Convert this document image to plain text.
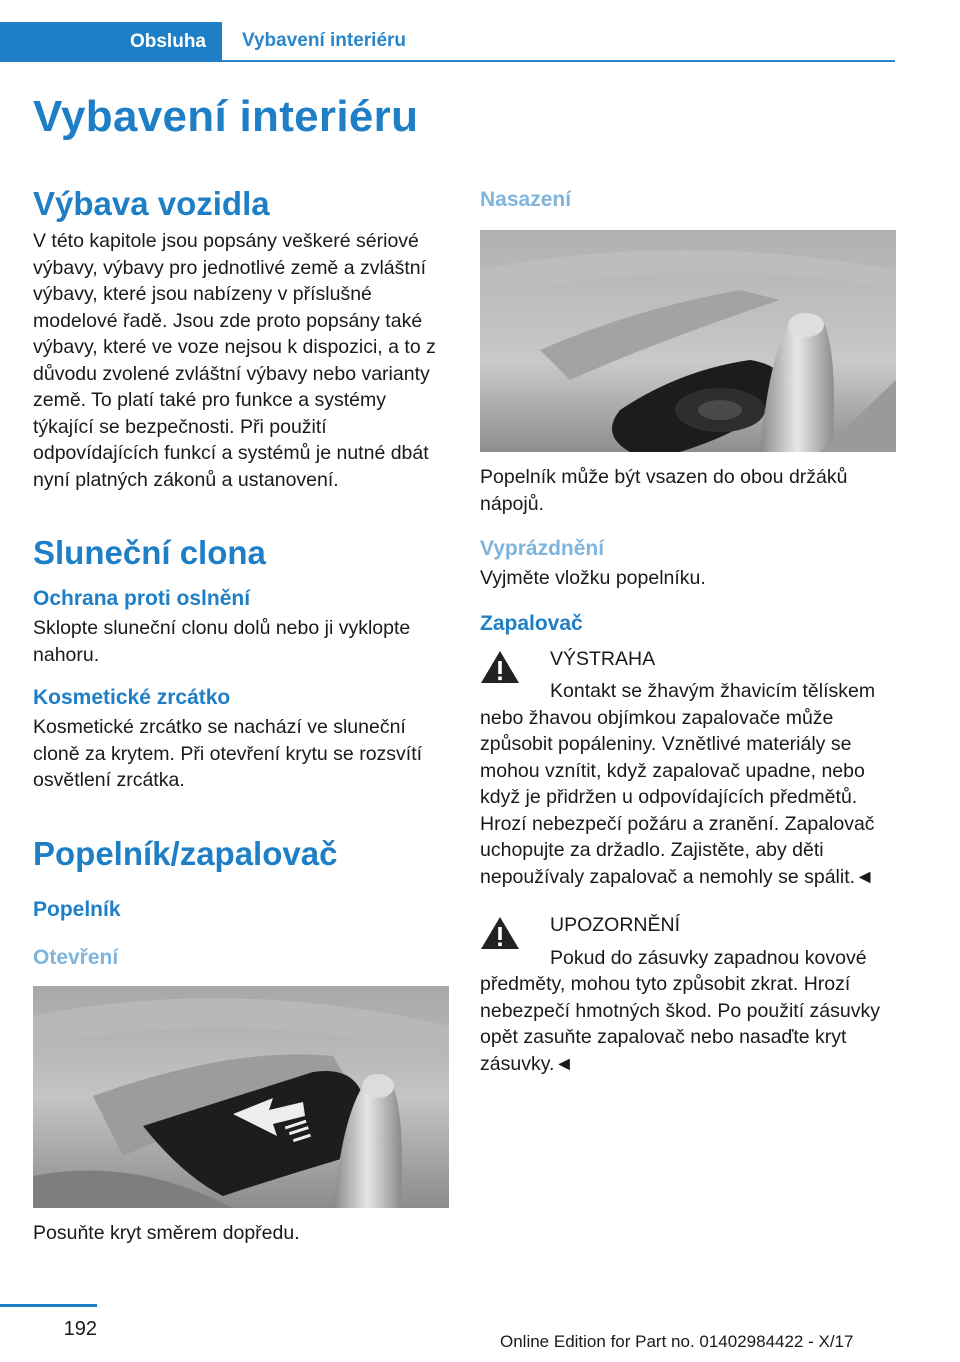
Obsluha	Vybavení interiéru
Vybavení interiéru
Výbava vozidla

V této kapitole jsou popsány veškeré sériové výbavy, výbavy pro jednotlivé země a zvláštní výbavy, které jsou nabízeny v příslušné modelové řadě. Jsou zde proto popsány také výbavy, které ve voze nejsou k dispozici, a to z důvodu zvolené zvláštní výbavy nebo varianty země. To platí také pro funkce a systémy týkající se bezpečnosti. Při použití odpovídajících funkcí a systémů je nutné dbát nyní platných zákonů a ustanovení.

Sluneční clona
Ochrana proti oslnění

Sklopte sluneční clonu dolů nebo ji vyklopte nahoru.

Kosmetické zrcátko

Kosmetické zrcátko se nachází ve sluneční cloně za krytem. Při otevření krytu se rozsvítí osvětlení zrcátka.

Popelník/zapalovač
Popelník
Otevření

Posuňte kryt směrem dopředu.

Nasazení

Popelník může být vsazen do obou držáků nápojů.

Vyprázdnění

Vyjměte vložku popelníku.

Zapalovač
VÝSTRAHA

Kontakt se žhavým žhavicím tělískem nebo žhavou objímkou zapalovače může způsobit popáleniny. Vznětlivé materiály se mohou vznítit, když zapalovač upadne, nebo když je přidržen u odpovídajících předmětů. Hrozí nebezpečí požáru a zranění. Zapalovač uchopujte za držadlo. Zajistěte, aby děti nepoužívaly zapalovač a nemohly se spálit.◄

UPOZORNĚNÍ

Pokud do zásuvky zapadnou kovové předměty, mohou tyto způsobit zkrat. Hrozí nebezpečí hmotných škod. Po použití zásuvky opět zasuňte zapalovač nebo nasaďte kryt zásuvky.◄

192
Online Edition for Part no. 01402984422 - X/17
